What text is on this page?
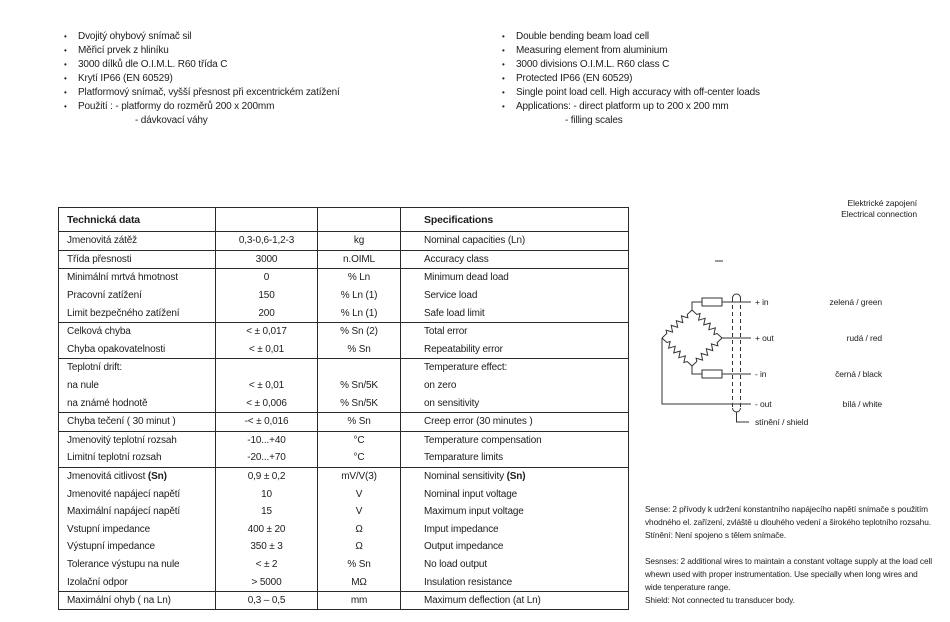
•	Dvojitý ohybový snímač sil
•	Měřicí prvek z hliníku
•	3000 dílků dle O.I.M.L. R60 třída C
•	Krytí IP66 (EN 60529)
•	Platformový snímač, vyšší přesnost při excentrickém zatížení
•	Použití : - platformy do rozměrů 200 x 200mm
- dávkovací váhy
•	Double bending beam load cell
•	Measuring element from aluminium
•	3000 divisions O.I.M.L. R60 class C
•	Protected IP66 (EN 60529)
•	Single point load cell. High accuracy with off-center loads
•	Applications: - direct platform up to 200 x 200 mm
- filling scales
Technická data			Specifications
Jmenovitá zátěž	0,3-0,6-1,2-3	kg	Nominal capacities (Ln)
Třída přesnosti	3000	n.OIML	Accuracy class
Minimální mrtvá hmotnost	0	% Ln	Minimum dead load
Pracovní zatížení	150	% Ln (1)	Service load
Limit bezpečného zatížení	200	% Ln (1)	Safe load limit
Celková chyba	< ± 0,017	% Sn (2)	Total error
Chyba opakovatelnosti	< ± 0,01	% Sn	Repeatability error
Teplotní drift:			Temperature effect:
na nule	< ± 0,01	% Sn/5K	on zero
na známé hodnotě	< ± 0,006	% Sn/5K	on sensitivity
Chyba tečení ( 30 minut )	-< ± 0,016	% Sn	Creep error (30 minutes )
Jmenovitý teplotní rozsah	-10...+40	°C	Temperature compensation
Limitní teplotní rozsah	-20...+70	°C	Temparature limits
Jmenovitá citlivost (Sn)	0,9 ± 0,2	mV/V(3)	Nominal sensitivity (Sn)
Jmenovité napájecí napětí	10	V	Nominal input voltage
Maximální napájecí napětí	15	V	Maximum input voltage
Vstupní impedance	400 ± 20	Ω	Imput impedance
Výstupní impedance	350 ± 3	Ω	Output impedance
Tolerance výstupu na nule	< ± 2	% Sn	No load output
Izolační odpor	> 5000	MΩ	Insulation resistance
Maximální ohyb ( na Ln)	0,3 – 0,5	mm	Maximum deflection (at Ln)
Elektrické zapojení
Electrical connection
+ in
+ out
- in
- out
stínění / shield
zelená / green
rudá / red
černá / black
bílá / white
Sense: 2 přívody k udržení konstantního napájecího napětí snímače s použitím
vhodného el. zařízení, zvláště u dlouhého vedení a širokého teplotního rozsahu.
Stínění: Není spojeno s tělem snímače.
Sesnses: 2 additional wires to maintain a constant voltage supply at the load cell
whewn used with proper instrumentation. Use specially when long wires and
wide tenperature range.
Shield: Not connected tu transducer body.
